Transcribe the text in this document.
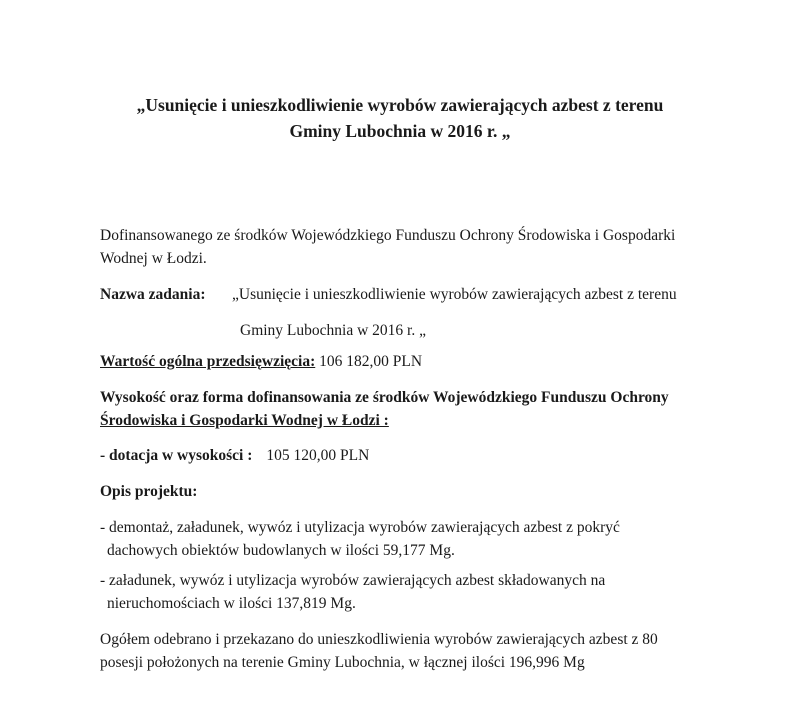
„Usunięcie i unieszkodliwienie wyrobów zawierających azbest z terenu
Gminy Lubochnia w 2016 r. „
Dofinansowanego ze środków Wojewódzkiego Funduszu Ochrony Środowiska i Gospodarki
Wodnej w Łodzi.
Nazwa zadania: „Usunięcie i unieszkodliwienie wyrobów zawierających azbest z terenu
Gminy Lubochnia w 2016 r. „
Wartość ogólna przedsięwzięcia: 106 182,00 PLN
Wysokość oraz forma dofinansowania ze środków Wojewódzkiego Funduszu Ochrony
Środowiska i Gospodarki Wodnej w Łodzi :
- dotacja w wysokości : 105 120,00 PLN
Opis projektu:
- demontaż, załadunek, wywóz i utylizacja wyrobów zawierających azbest z pokryć
dachowych obiektów budowlanych w ilości 59,177 Mg.
- załadunek, wywóz i utylizacja wyrobów zawierających azbest składowanych na
nieruchomościach w ilości 137,819 Mg.
Ogółem odebrano i przekazano do unieszkodliwienia wyrobów zawierających azbest z 80
posesji położonych na terenie Gminy Lubochnia, w łącznej ilości 196,996 Mg
